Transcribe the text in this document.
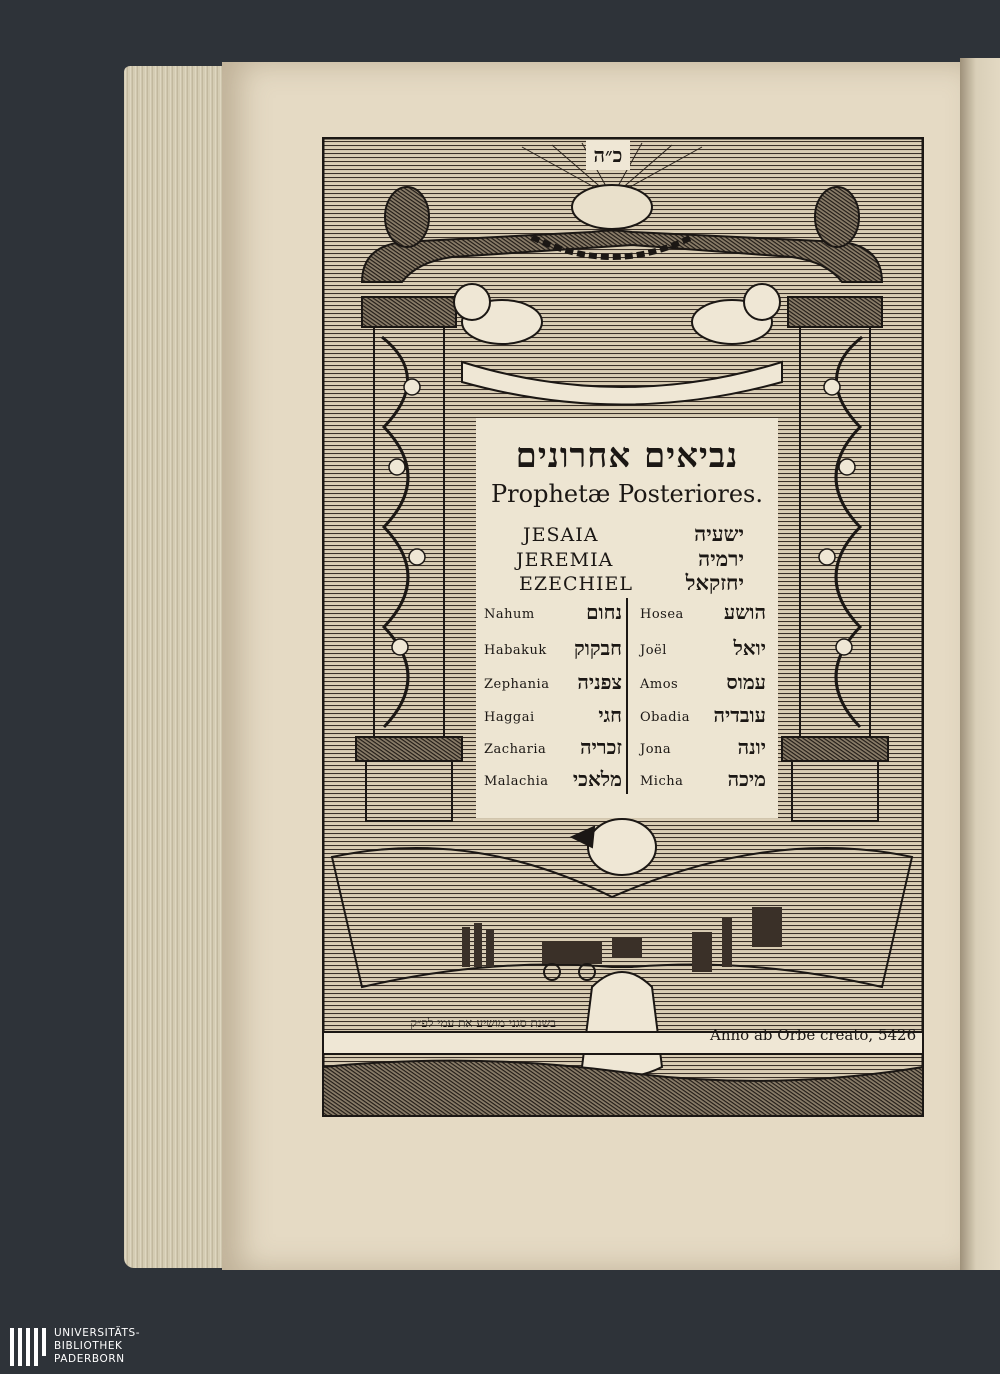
כ״ה
נביאים אחרונים
Prophetæ Posteriores.
JESAIA	ישעיה
JEREMIA	ירמיה
EZECHIEL	יחזקאל
Nahum	נחום
Habakuk	חבקוק
Zephania	צפניה
Haggai	חגי
Zacharia	זכריה
Malachia	מלאכי
Hosea	הושע
Joël	יואל
Amos	עמוס
Obadia	עובדיה
Jona	יונה
Micha	מיכה
בשנת סגני מושיע את עמי לפ״ק
Anno ab Orbe creato, 5426
UNIVERSITÄTS-
BIBLIOTHEK
PADERBORN
